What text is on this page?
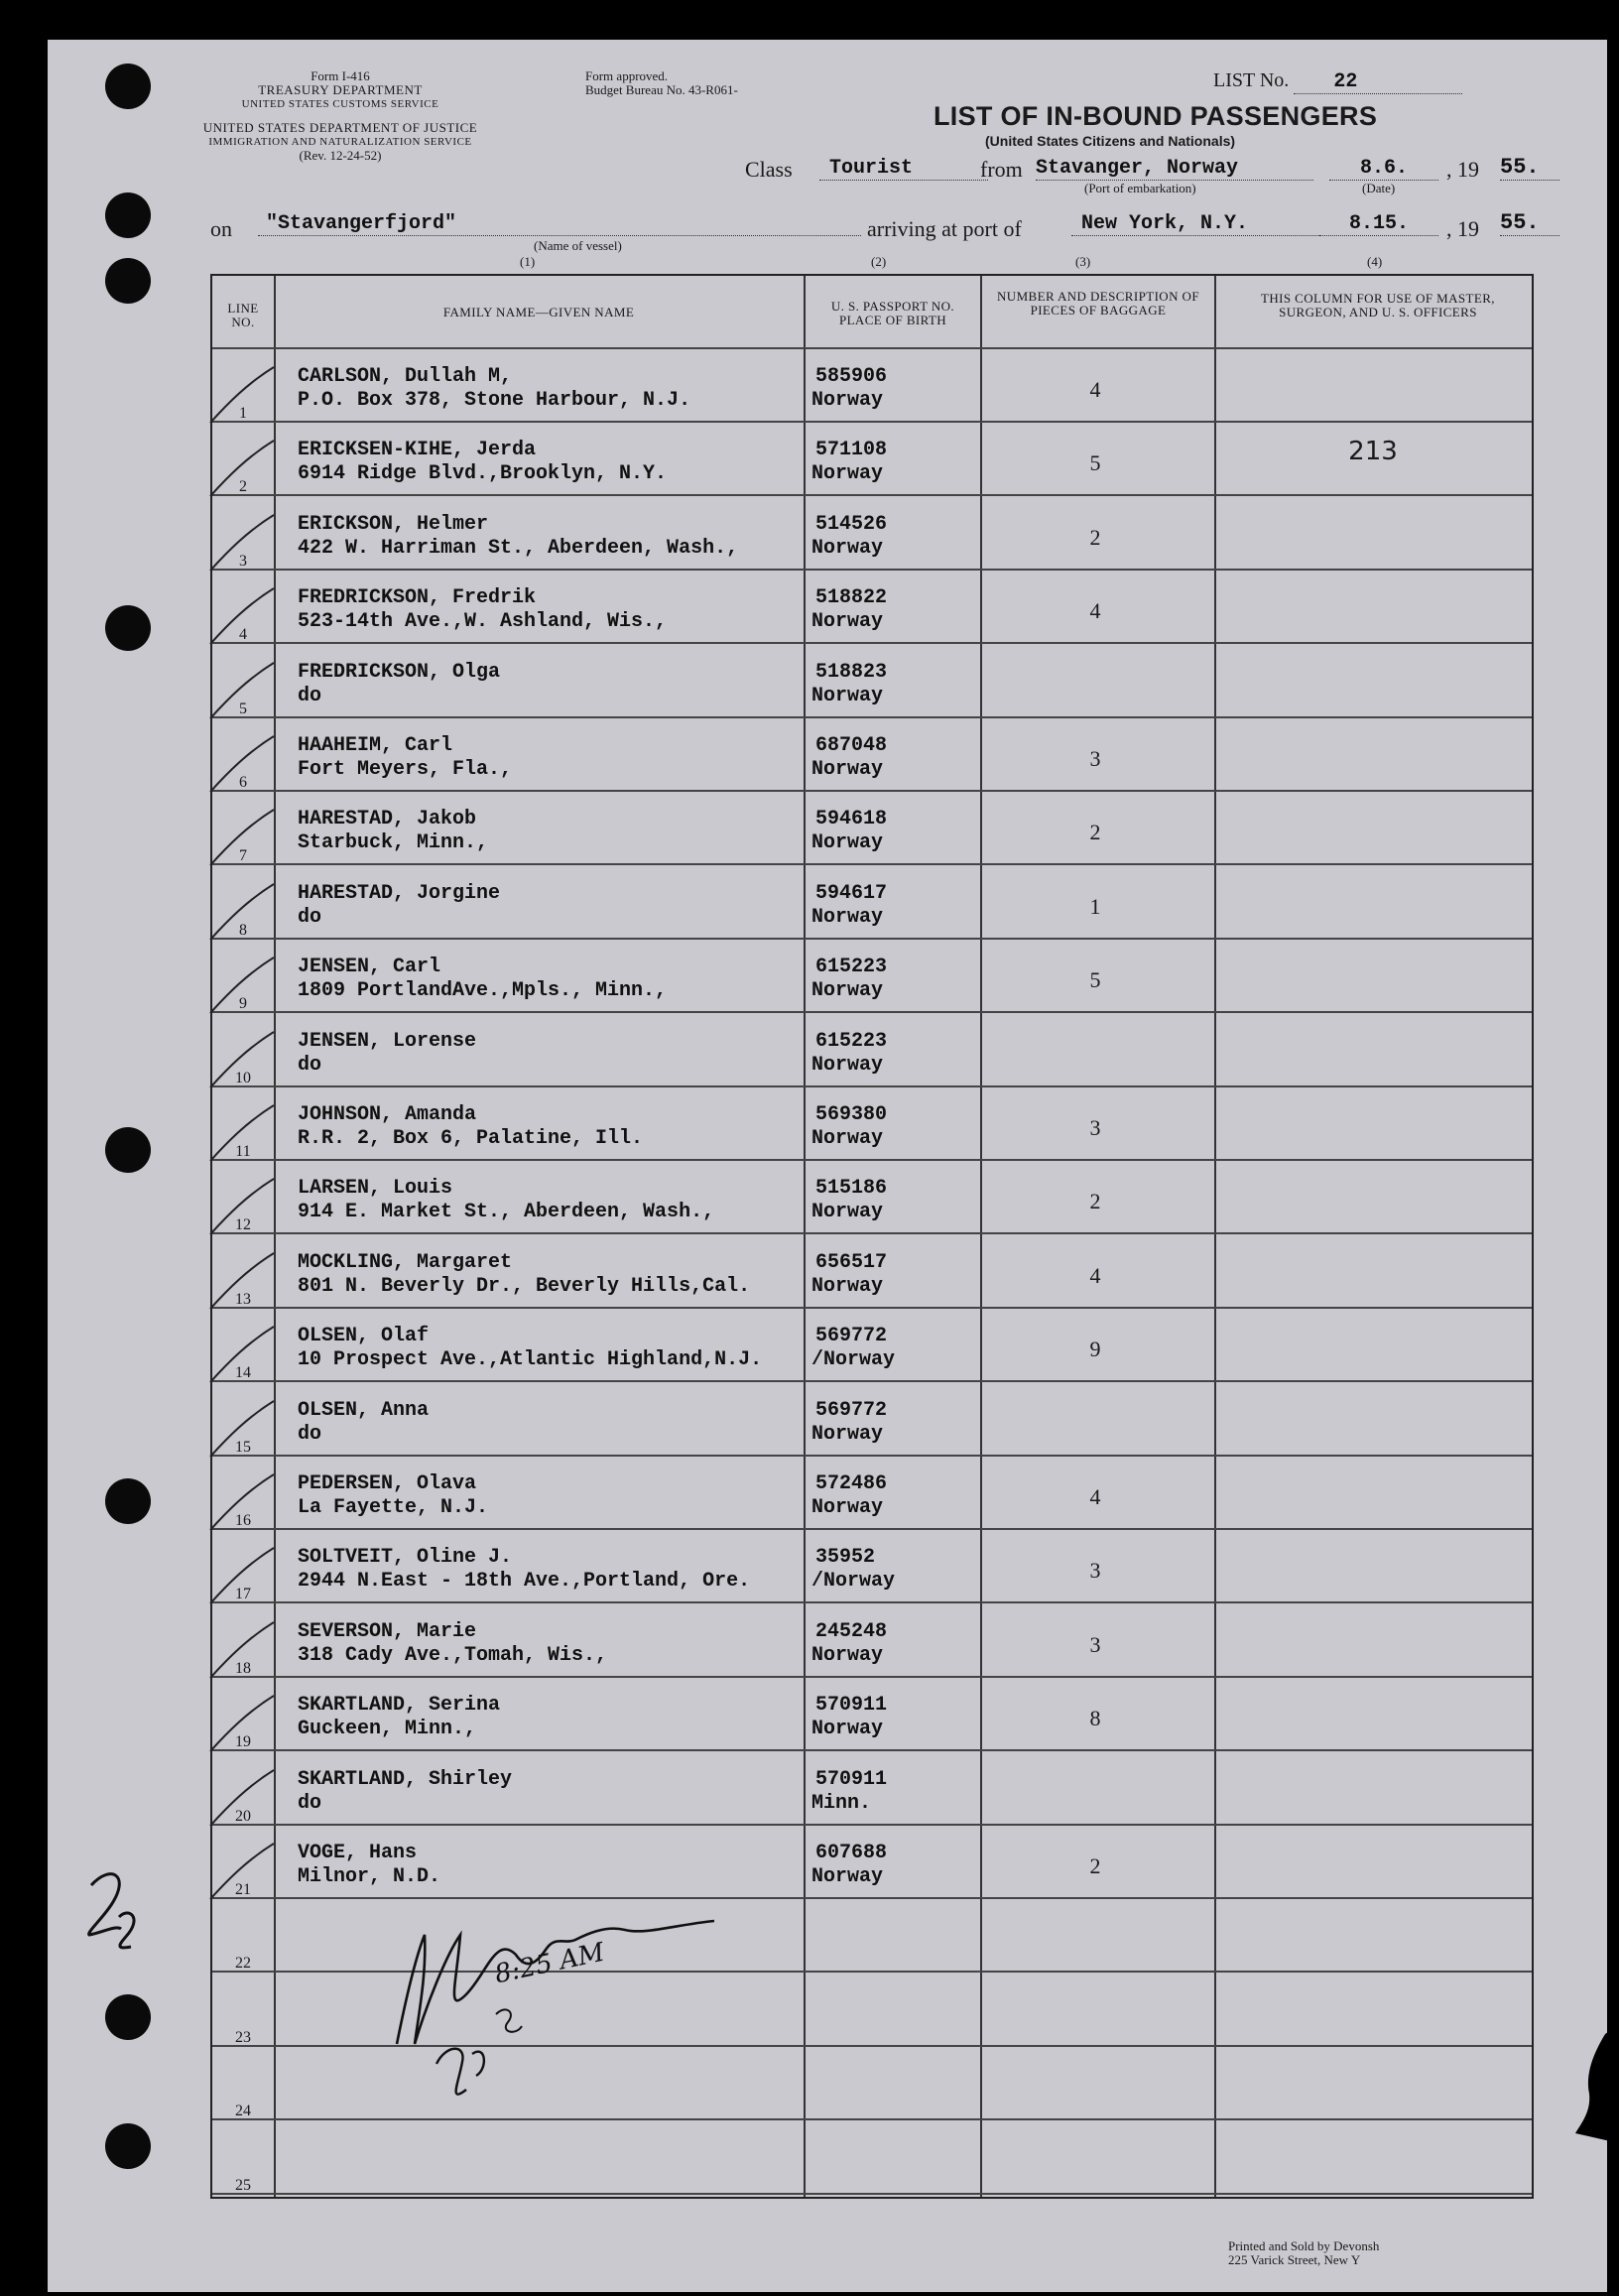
Form I-416
TREASURY DEPARTMENT
UNITED STATES CUSTOMS SERVICE
UNITED STATES DEPARTMENT OF JUSTICE
IMMIGRATION AND NATURALIZATION SERVICE
(Rev. 12-24-52)
Form approved.
Budget Bureau No. 43-R061-	LIST No. 22
LIST OF IN-BOUND PASSENGERS
(United States Citizens and Nationals)
Class	Tourist	from Stavanger, Norway	8.6.	, 19 55.
(Port of embarkation)	(Date)
on	"Stavangerfjord"
(Name of vessel)
(1)
arriving at port of	New York, N.Y.	8.15.	, 19 55.
(2)	(3)	(4)
LINE NO.
FAMILY NAME—GIVEN NAME	U. S. PASSPORT NO. PLACE OF BIRTH
NUMBER AND DESCRIPTION OF PIECES OF BAGGAGE
THIS COLUMN FOR USE OF MASTER, SURGEON, AND U. S. OFFICERS
1
CARLSON, Dullah M,
P.O. Box 378, Stone Harbour, N.J.
585906
Norway	4
2
ERICKSEN-KIHE, Jerda
6914 Ridge Blvd.,Brooklyn, N.Y.
571108
Norway	5	213
3
ERICKSON, Helmer
422 W. Harriman St., Aberdeen, Wash.,
514526
Norway	2
4
FREDRICKSON, Fredrik
523-14th Ave.,W. Ashland, Wis.,
518822
Norway	4
5
FREDRICKSON, Olga
do
518823
Norway
6
HAAHEIM, Carl
Fort Meyers, Fla.,
687048
Norway	3
7
HARESTAD, Jakob
Starbuck, Minn.,
594618
Norway	2
8
HARESTAD, Jorgine
do
594617
Norway	1
9
JENSEN, Carl
1809 PortlandAve.,Mpls., Minn.,
615223
Norway	5
10
JENSEN, Lorense
do
615223
Norway
11
JOHNSON, Amanda
R.R. 2, Box 6, Palatine, Ill.
569380
Norway	3
12
LARSEN, Louis
914 E. Market St., Aberdeen, Wash.,
515186
Norway	2
13
MOCKLING, Margaret
801 N. Beverly Dr., Beverly Hills,Cal.
656517
Norway	4
14
OLSEN, Olaf
10 Prospect Ave.,Atlantic Highland,N.J.
569772
/Norway	9
15
OLSEN, Anna
do
569772
Norway
16
PEDERSEN, Olava
La Fayette, N.J.
572486
Norway	4
17
SOLTVEIT, Oline J.
2944 N.East - 18th Ave.,Portland, Ore.
35952
/Norway	3
18
SEVERSON, Marie
318 Cady Ave.,Tomah, Wis.,
245248
Norway	3
19
SKARTLAND, Serina
Guckeen, Minn.,
570911
Norway	8
20
SKARTLAND, Shirley
do
570911
Minn.
21
VOGE, Hans
Milnor, N.D.
607688
Norway	2
22
23
24
25
8:25 AM
Printed and Sold by Devonsh
225 Varick Street, New Y
